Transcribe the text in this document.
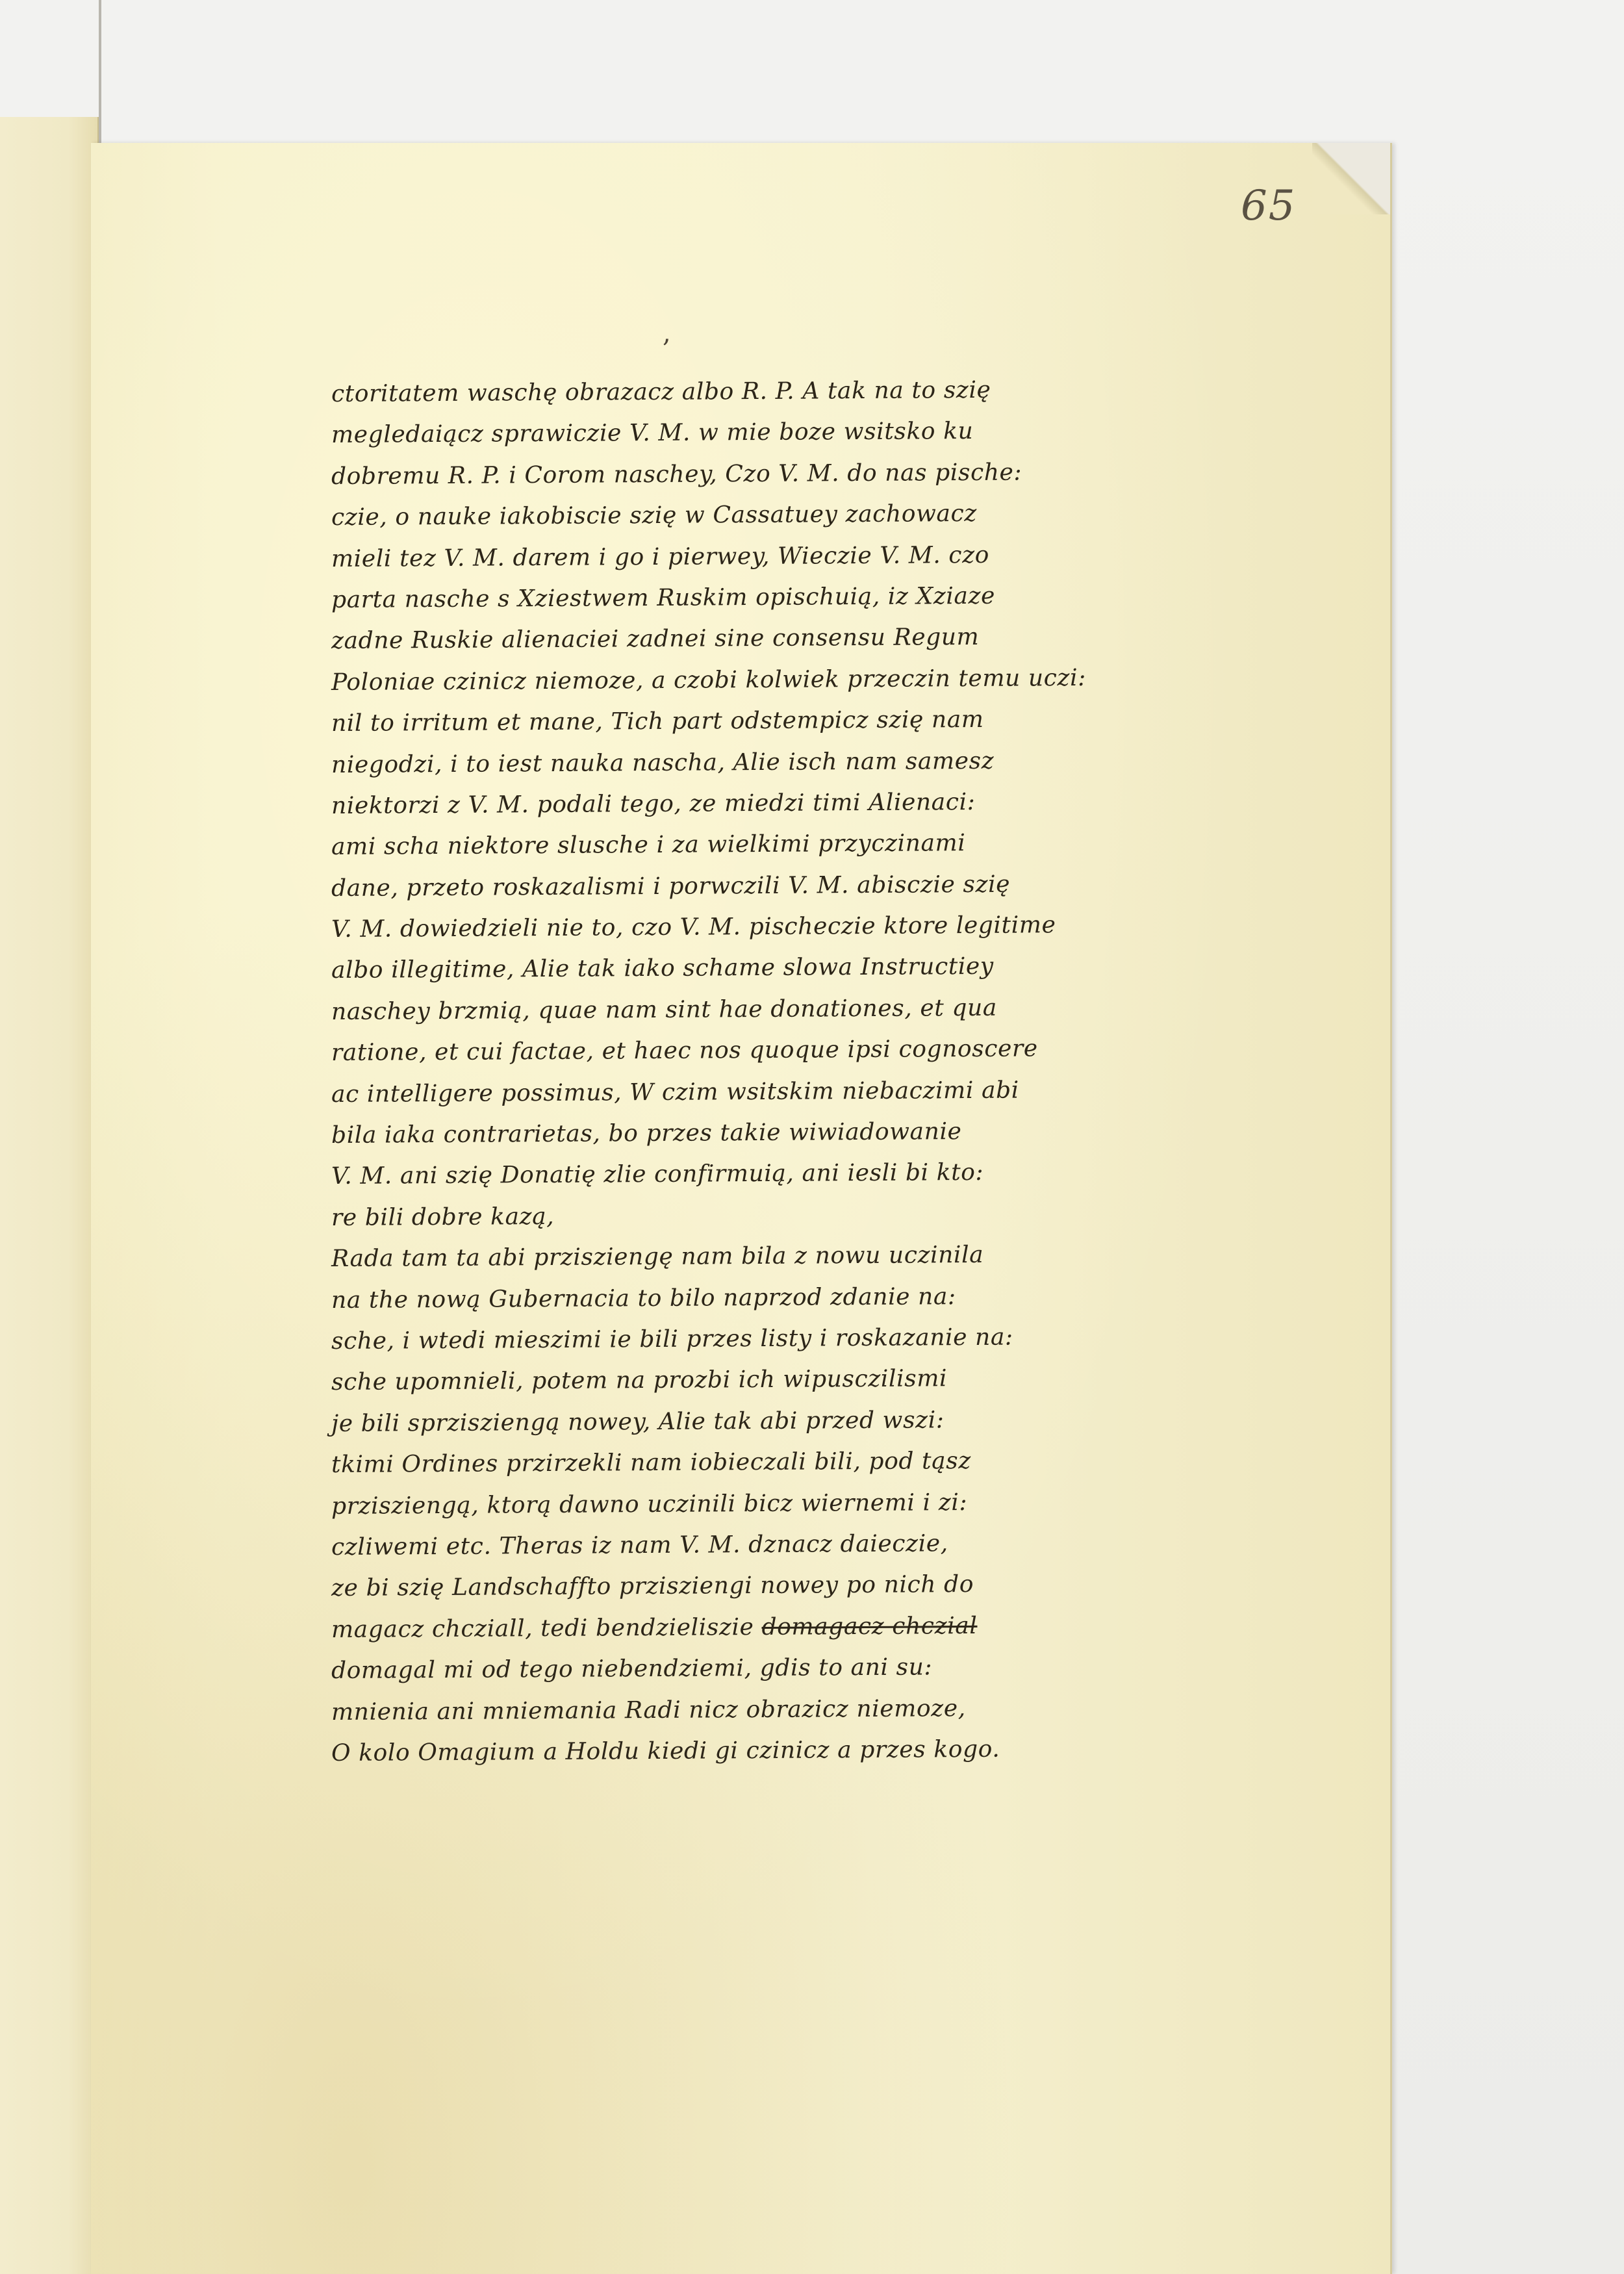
65
,
ctoritatem waschę obrazacz albo R. P. A tak na to szię
megledaiącz sprawiczie V. M. w mie boze wsitsko ku
dobremu R. P. i Corom naschey, Czo V. M. do nas pische:
czie, o nauke iakobiscie szię w Cassatuey zachowacz
mieli tez V. M. darem i go i pierwey, Wieczie V. M. czo
parta nasche s Xziestwem Ruskim opischuią, iz Xziaze
zadne Ruskie alienaciei zadnei sine consensu Regum
Poloniae czinicz niemoze, a czobi kolwiek przeczin temu uczi:
nil to irritum et mane, Tich part odstempicz szię nam
niegodzi, i to iest nauka nascha, Alie isch nam samesz
niektorzi z V. M. podali tego, ze miedzi timi Alienaci:
ami scha niektore slusche i za wielkimi przyczinami
dane, przeto roskazalismi i porwczili V. M. abisczie szię
V. M. dowiedzieli nie to, czo V. M. pischeczie ktore legitime
albo illegitime, Alie tak iako schame slowa Instructiey
naschey brzmią, quae nam sint hae donationes, et qua
ratione, et cui factae, et haec nos quoque ipsi cognoscere
ac intelligere possimus, W czim wsitskim niebaczimi abi
bila iaka contrarietas, bo przes takie wiwiadowanie
V. M. ani szię Donatię zlie confirmuią, ani iesli bi kto:
re bili dobre kazą,
Rada tam ta abi przisziengę nam bila z nowu uczinila
na the nową Gubernacia to bilo naprzod zdanie na:
sche, i wtedi mieszimi ie bili przes listy i roskazanie na:
sche upomnieli, potem na prozbi ich wipusczilismi
je bili sprzisziengą nowey, Alie tak abi przed wszi:
tkimi Ordines przirzekli nam iobieczali bili, pod tąsz
przisziengą, ktorą dawno uczinili bicz wiernemi i zi:
czliwemi etc. Theras iz nam V. M. dznacz daieczie,
ze bi szię Landschaffto przisziengi nowey po nich do
magacz chcziall, tedi bendzieliszie domagacz chczial
domagal mi od tego niebendziemi, gdis to ani su:
mnienia ani mniemania Radi nicz obrazicz niemoze,
O kolo Omagium a Holdu kiedi gi czinicz a przes kogo.
